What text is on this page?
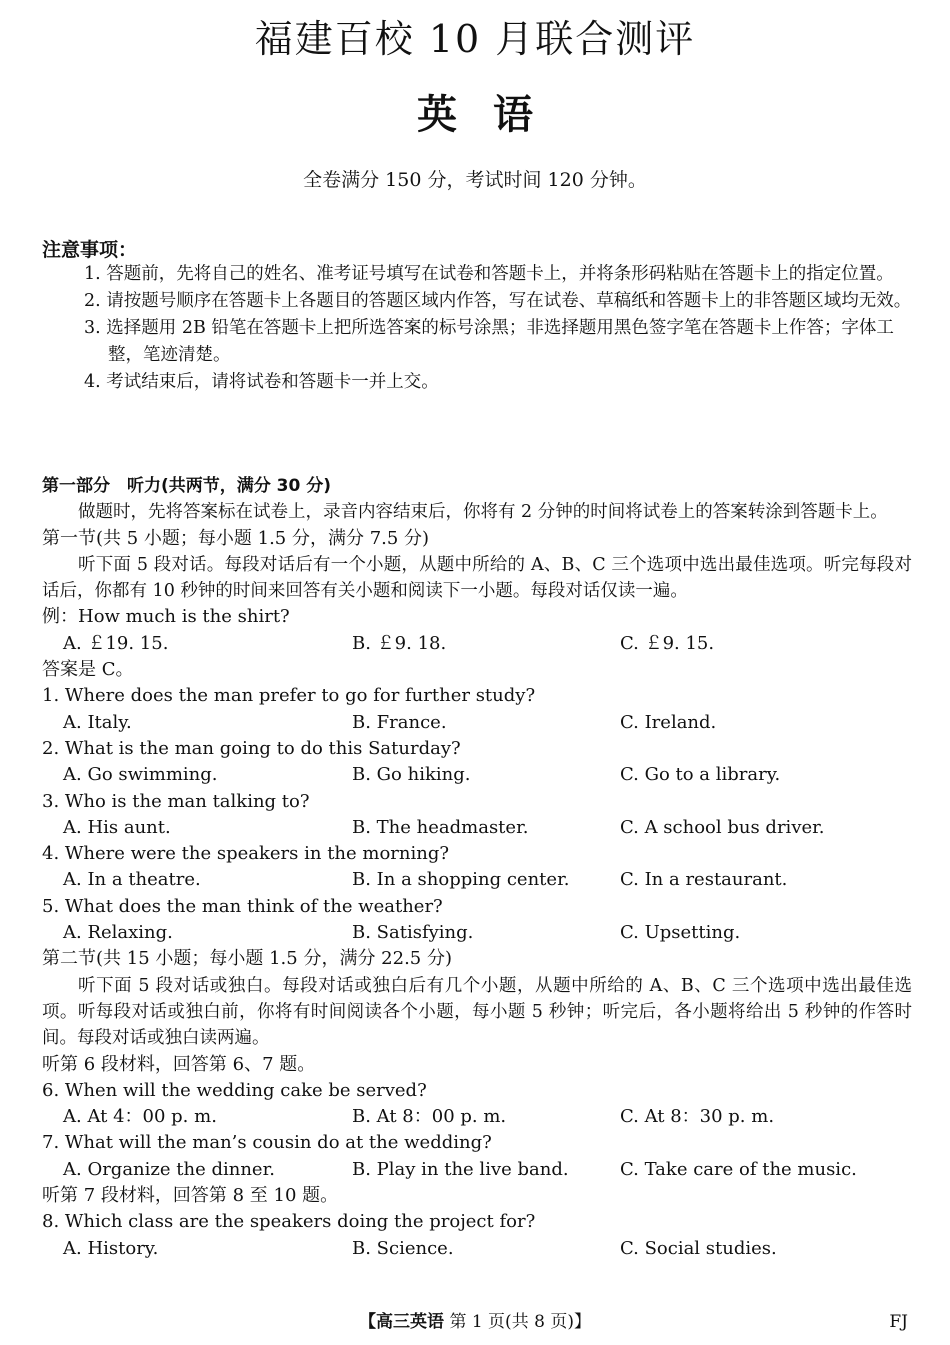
福建百校 10 月联合测评
英语
全卷满分 150 分，考试时间 120 分钟。
注意事项：
1. 答题前，先将自己的姓名、准考证号填写在试卷和答题卡上，并将条形码粘贴在答题卡上的指定位置。
2. 请按题号顺序在答题卡上各题目的答题区域内作答，写在试卷、草稿纸和答题卡上的非答题区域均无效。
3. 选择题用 2B 铅笔在答题卡上把所选答案的标号涂黑；非选择题用黑色签字笔在答题卡上作答；字体工整，笔迹清楚。
4. 考试结束后，请将试卷和答题卡一并上交。
第一部分　听力(共两节，满分 30 分)
做题时，先将答案标在试卷上，录音内容结束后，你将有 2 分钟的时间将试卷上的答案转涂到答题卡上。
第一节(共 5 小题；每小题 1.5 分，满分 7.5 分)
听下面 5 段对话。每段对话后有一个小题，从题中所给的 A、B、C 三个选项中选出最佳选项。听完每段对话后，你都有 10 秒钟的时间来回答有关小题和阅读下一小题。每段对话仅读一遍。
例：How much is the shirt?
A. ￡19. 15.	B. ￡9. 18.	C. ￡9. 15.
答案是 C。
1. Where does the man prefer to go for further study?
A. Italy.	B. France.	C. Ireland.
2. What is the man going to do this Saturday?
A. Go swimming.	B. Go hiking.	C. Go to a library.
3. Who is the man talking to?
A. His aunt.	B. The headmaster.	C. A school bus driver.
4. Where were the speakers in the morning?
A. In a theatre.	B. In a shopping center.	C. In a restaurant.
5. What does the man think of the weather?
A. Relaxing.	B. Satisfying.	C. Upsetting.
第二节(共 15 小题；每小题 1.5 分，满分 22.5 分)
听下面 5 段对话或独白。每段对话或独白后有几个小题，从题中所给的 A、B、C 三个选项中选出最佳选项。听每段对话或独白前，你将有时间阅读各个小题，每小题 5 秒钟；听完后，各小题将给出 5 秒钟的作答时间。每段对话或独白读两遍。
听第 6 段材料，回答第 6、7 题。
6. When will the wedding cake be served?
A. At 4：00 p. m.	B. At 8：00 p. m.	C. At 8：30 p. m.
7. What will the man’s cousin do at the wedding?
A. Organize the dinner.	B. Play in the live band.	C. Take care of the music.
听第 7 段材料，回答第 8 至 10 题。
8. Which class are the speakers doing the project for?
A. History.	B. Science.	C. Social studies.
【高三英语 第 1 页(共 8 页)】	FJ
